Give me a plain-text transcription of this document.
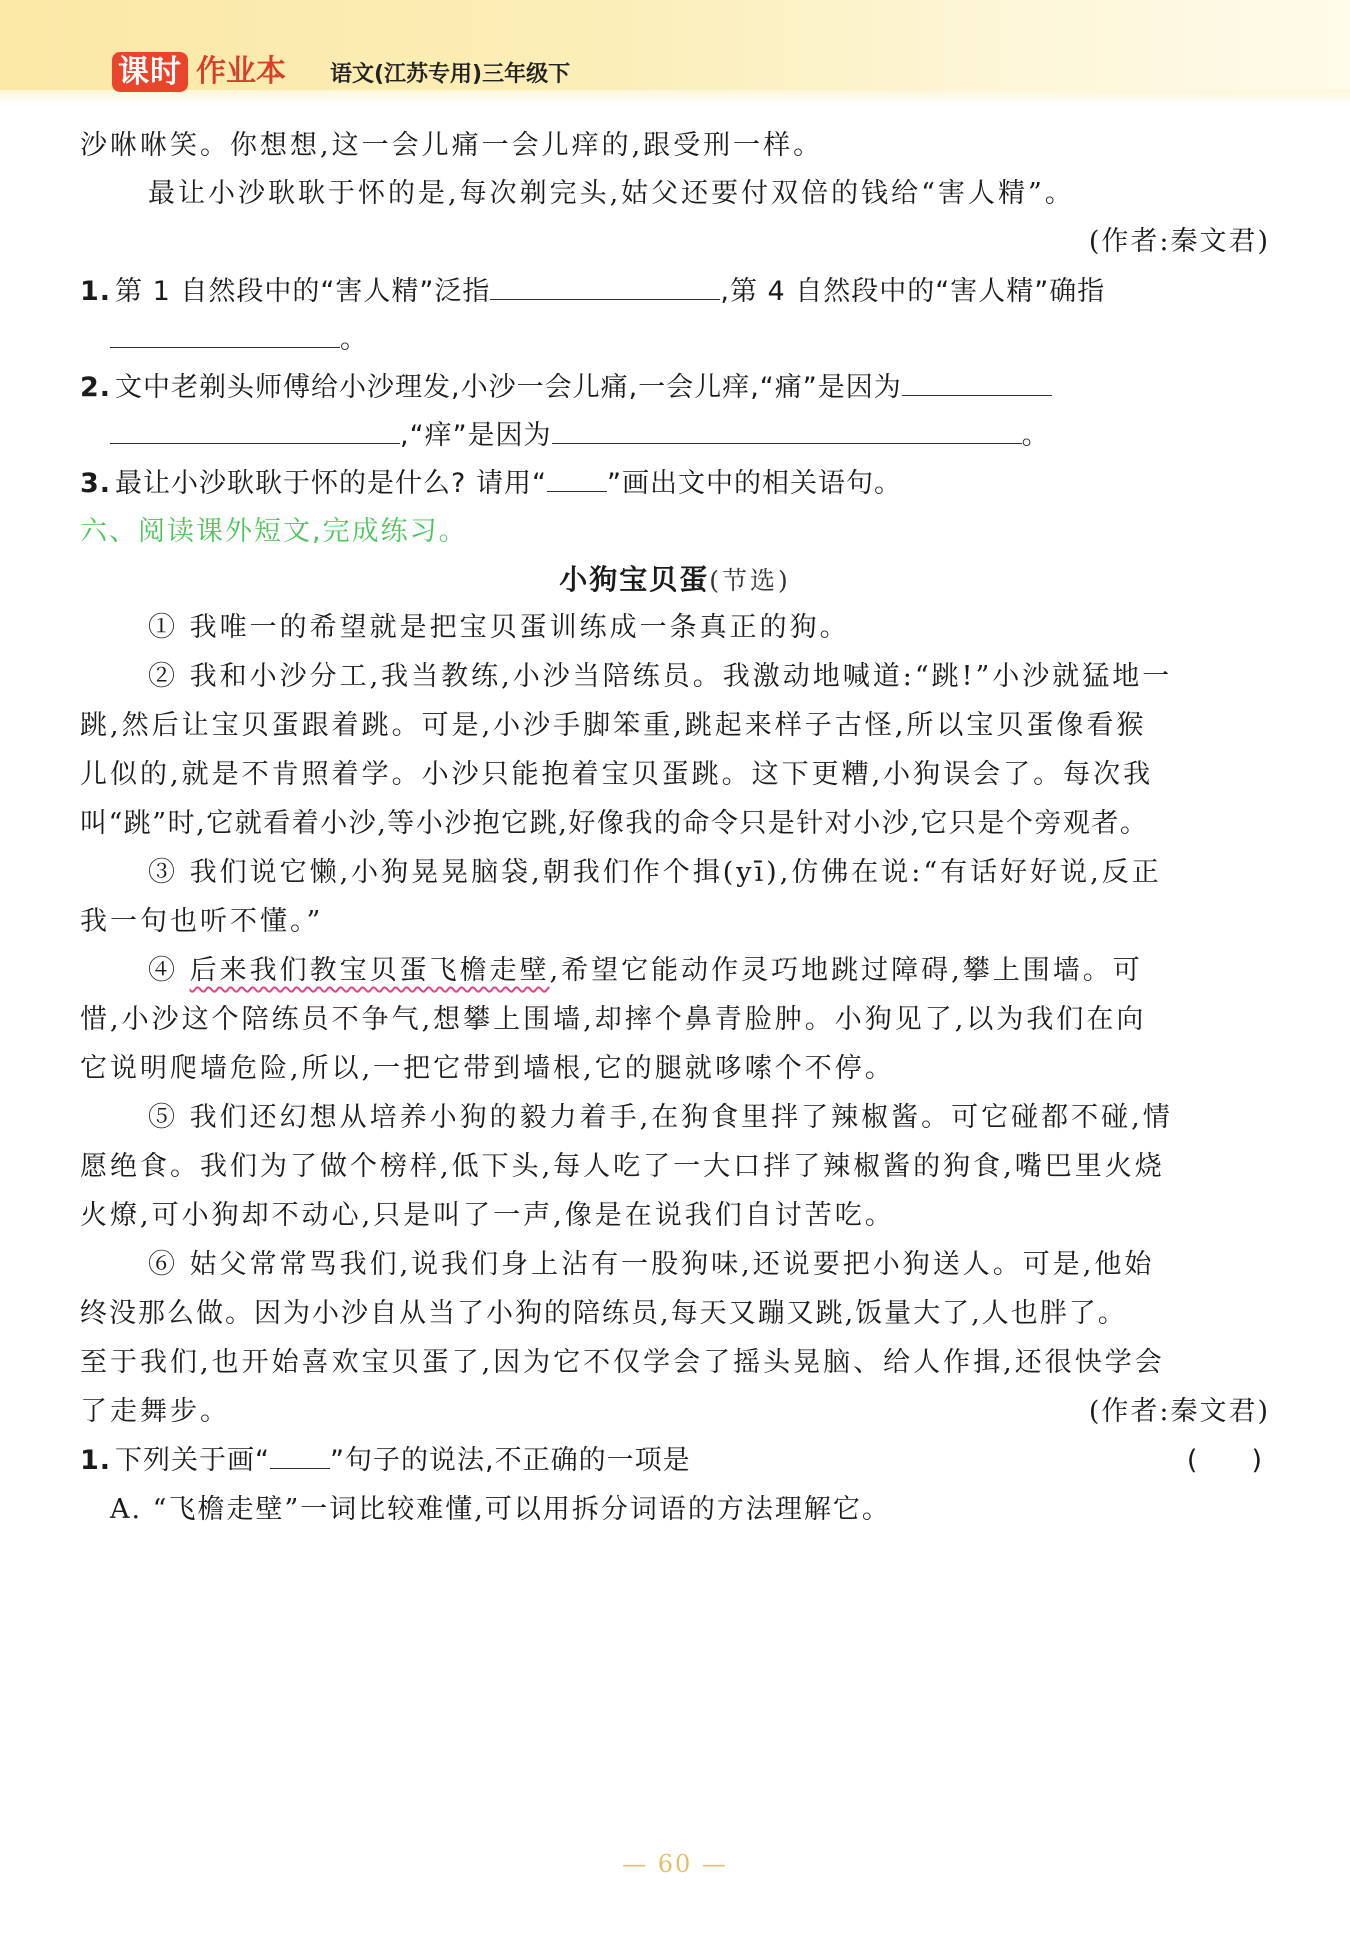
课时 作业本 语文(江苏专用)三年级下
沙咻咻笑。你想想,这一会儿痛一会儿痒的,跟受刑一样。
最让小沙耿耿于怀的是,每次剃完头,姑父还要付双倍的钱给“害人精”。
(作者:秦文君)
1. 第 1 自然段中的“害人精”泛指	,第 4 自然段中的“害人精”确指
。
2. 文中老剃头师傅给小沙理发,小沙一会儿痛,一会儿痒,“痛”是因为
,“痒”是因为	。
3. 最让小沙耿耿于怀的是什么? 请用“ ”画出文中的相关语句。
六、阅读课外短文,完成练习。
小狗宝贝蛋(节选)
① 我唯一的希望就是把宝贝蛋训练成一条真正的狗。
② 我和小沙分工,我当教练,小沙当陪练员。我激动地喊道:“跳!”小沙就猛地一
跳,然后让宝贝蛋跟着跳。可是,小沙手脚笨重,跳起来样子古怪,所以宝贝蛋像看猴
儿似的,就是不肯照着学。小沙只能抱着宝贝蛋跳。这下更糟,小狗误会了。每次我
叫“跳”时,它就看着小沙,等小沙抱它跳,好像我的命令只是针对小沙,它只是个旁观者。
③ 我们说它懒,小狗晃晃脑袋,朝我们作个揖(yī),仿佛在说:“有话好好说,反正
我一句也听不懂。”
④ 后来我们教宝贝蛋飞檐走壁,希望它能动作灵巧地跳过障碍,攀上围墙。可
惜,小沙这个陪练员不争气,想攀上围墙,却摔个鼻青脸肿。小狗见了,以为我们在向
它说明爬墙危险,所以,一把它带到墙根,它的腿就哆嗦个不停。
⑤ 我们还幻想从培养小狗的毅力着手,在狗食里拌了辣椒酱。可它碰都不碰,情
愿绝食。我们为了做个榜样,低下头,每人吃了一大口拌了辣椒酱的狗食,嘴巴里火烧
火燎,可小狗却不动心,只是叫了一声,像是在说我们自讨苦吃。
⑥ 姑父常常骂我们,说我们身上沾有一股狗味,还说要把小狗送人。可是,他始
终没那么做。因为小沙自从当了小狗的陪练员,每天又蹦又跳,饭量大了,人也胖了。
至于我们,也开始喜欢宝贝蛋了,因为它不仅学会了摇头晃脑、给人作揖,还很快学会
了走舞步。	(作者:秦文君)
1. 下列关于画“ ”句子的说法,不正确的一项是	(　　)
A. “飞檐走壁”一词比较难懂,可以用拆分词语的方法理解它。
— 60 —
